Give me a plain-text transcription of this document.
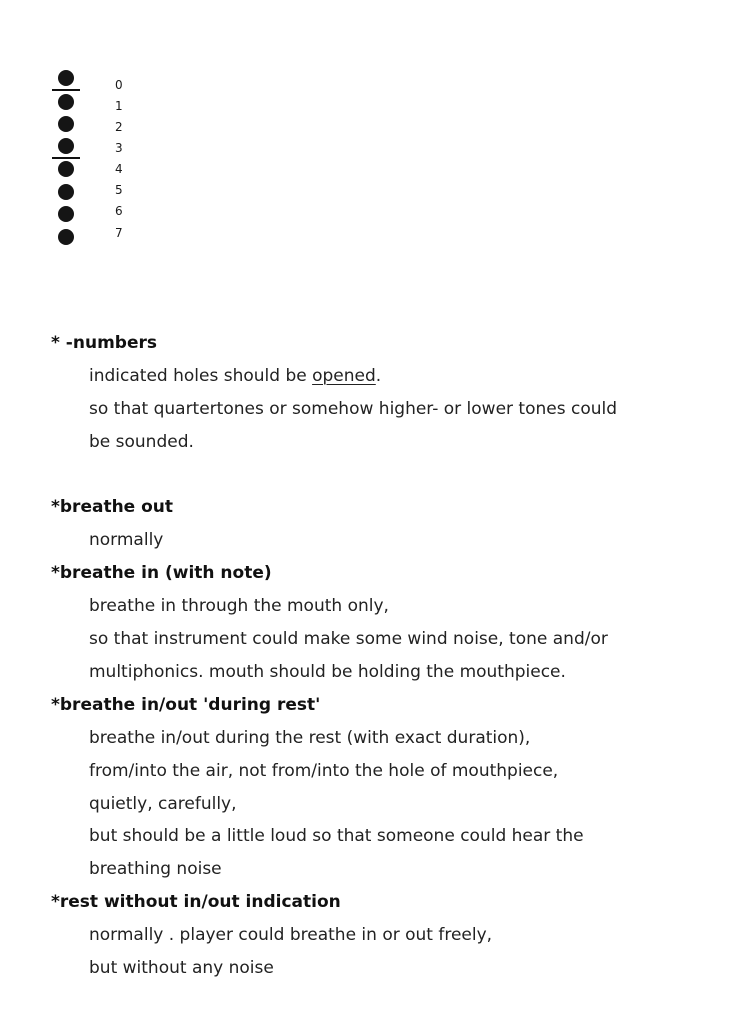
0
1
2
3
4
5
6
7
* -numbers
indicated holes should be opened.
so that quartertones or somehow higher- or lower tones could
be sounded.
*breathe out
normally
*breathe in (with note)
breathe in through the mouth only,
so that instrument could make some wind noise, tone and/or
multiphonics. mouth should be holding the mouthpiece.
*breathe in/out 'during rest'
breathe in/out during the rest (with exact duration),
from/into the air, not from/into the hole of mouthpiece,
quietly, carefully,
but should be a little loud so that someone could hear the
breathing noise
*rest without in/out indication
normally . player could breathe in or out freely,
but without any noise
